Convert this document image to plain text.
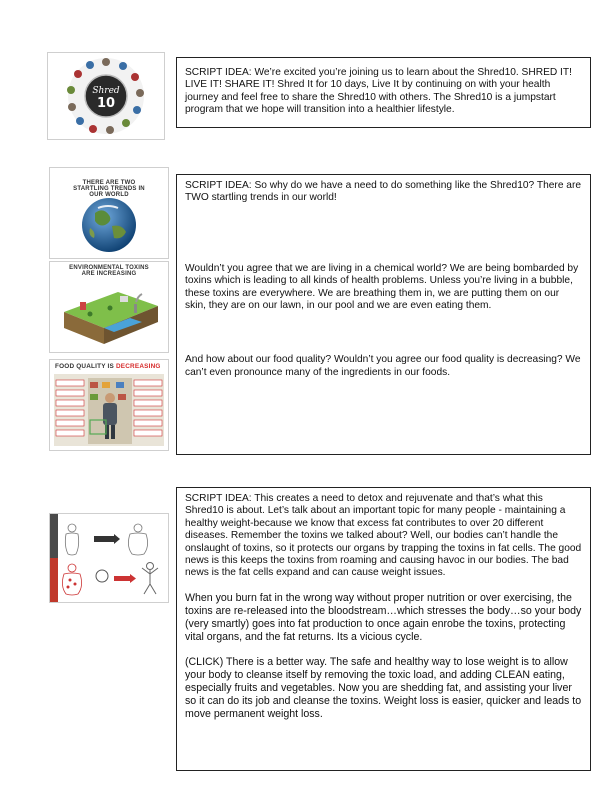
Shred
10

SCRIPT IDEA: We’re excited you’re joining us to learn about the Shred10. SHRED IT! LIVE IT! SHARE IT! Shred It for 10 days, Live It by continuing on with your health journey and feel free to share the Shred10 with others. The Shred10 is a jumpstart program that we hope will transition into a healthier lifestyle.

THERE ARE TWO STARTLING TRENDS IN OUR WORLD
ENVIRONMENTAL TOXINS ARE INCREASING
FOOD QUALITY IS DECREASING

SCRIPT IDEA: So why do we have a need to do something like the Shred10? There are TWO startling trends in our world!

Wouldn’t you agree that we are living in a chemical world? We are being bombarded by toxins which is leading to all kinds of health problems. Unless you’re living in a bubble, these toxins are everywhere. We are breathing them in, we are putting them on our skin, they are on our lawn, in our pool and we are even eating them.

And how about our food quality? Wouldn’t you agree our food quality is decreasing? We can’t even pronounce many of the ingredients in our foods.

SCRIPT IDEA: This creates a need to detox and rejuvenate and that’s what this Shred10 is about. Let’s talk about an important topic for many people - maintaining a healthy weight-because we know that excess fat contributes to over 20 different diseases. Remember the toxins we talked about? Well, our bodies can’t handle the onslaught of toxins, so it protects our organs by trapping the toxins in fat cells. The good news is this keeps the toxins from roaming and causing havoc in our bodies. The bad news is the fat cells expand and can cause weight issues.

When you burn fat in the wrong way without proper nutrition or over exercising, the toxins are re-released into the bloodstream…which stresses the body…so your body (very smartly) goes into fat production to once again enrobe the toxins, protecting vital organs, and the fat returns. Its a vicious cycle.

(CLICK) There is a better way. The safe and healthy way to lose weight is to allow your body to cleanse itself by removing the toxic load, and adding CLEAN eating, especially fruits and vegetables. Now you are shedding fat, and assisting your liver so it can do its job and cleanse the toxins. Weight loss is easier, quicker and leads to move permanent weight loss.
